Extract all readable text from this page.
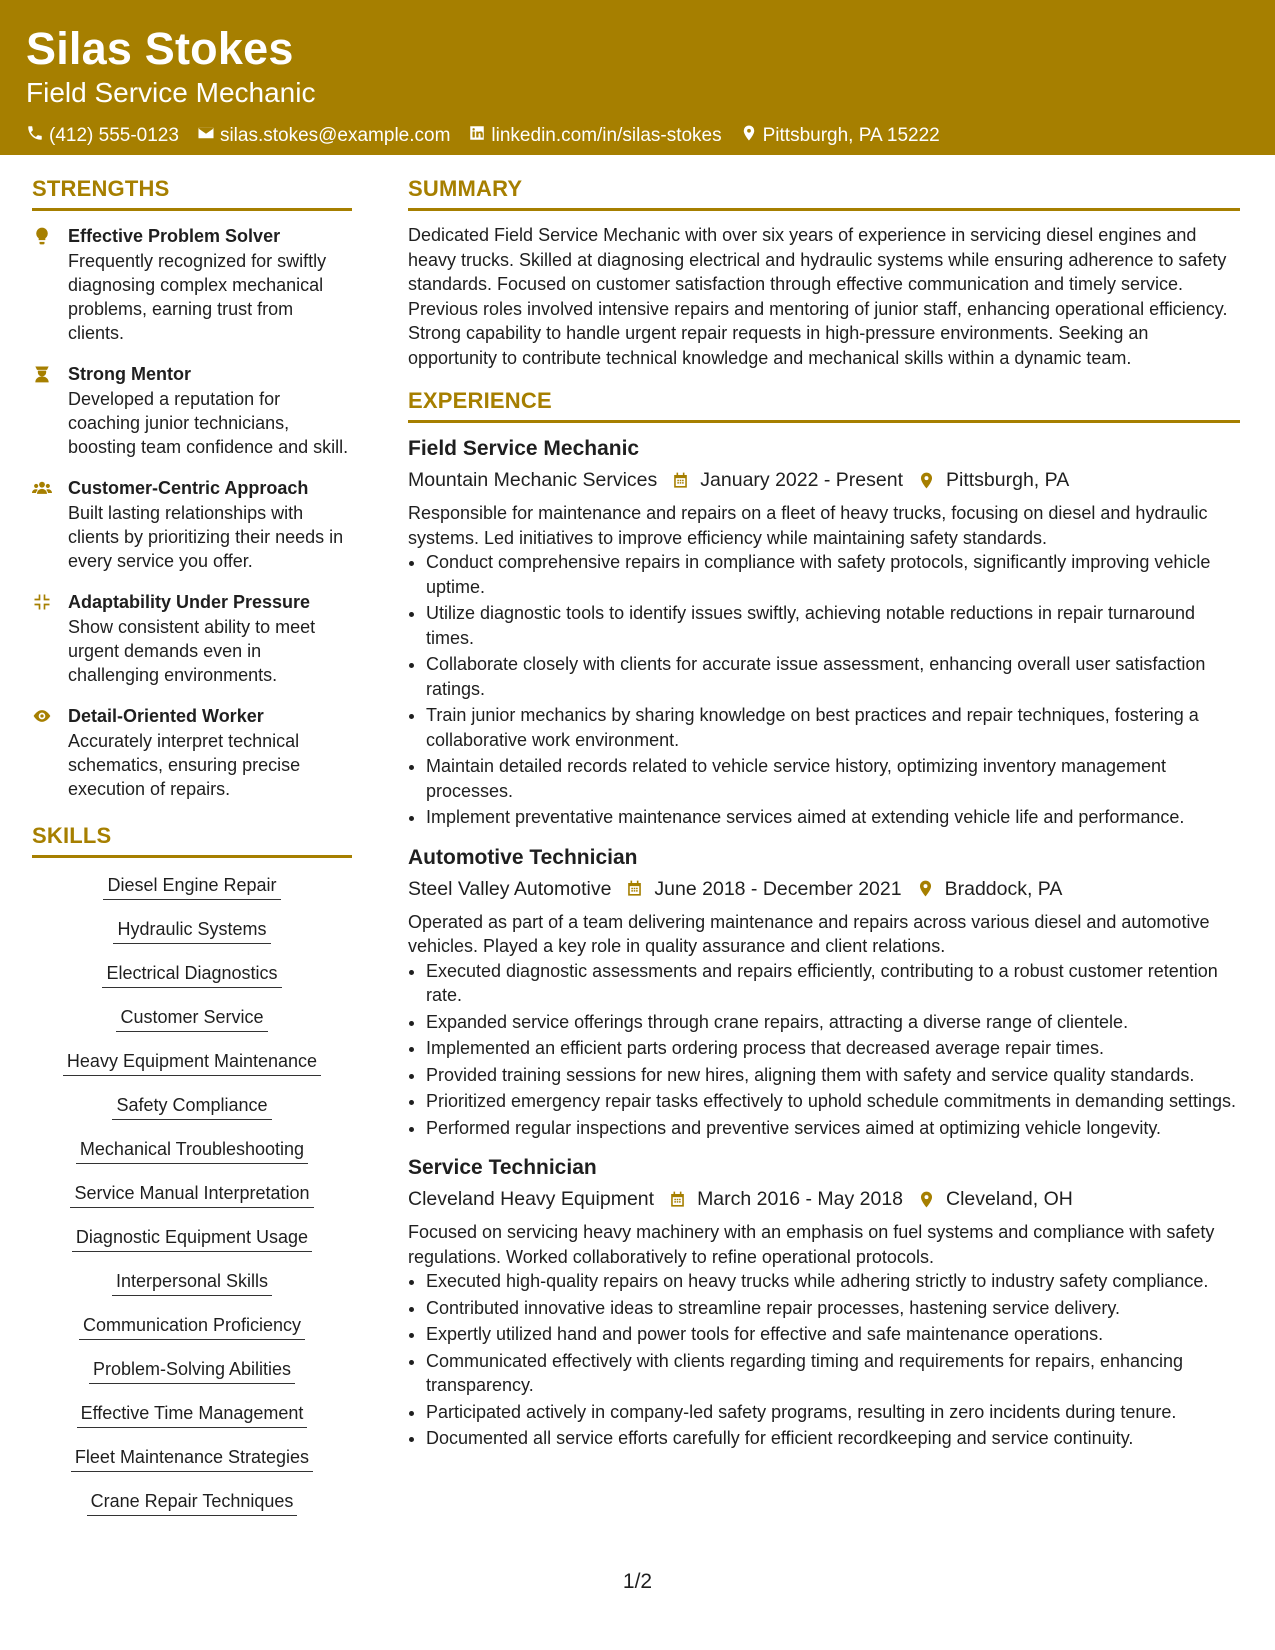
Silas Stokes
Field Service Mechanic
(412) 555-0123 silas.stokes@example.com linkedin.com/in/silas-stokes Pittsburgh, PA 15222
STRENGTHS
Effective Problem Solver
Frequently recognized for swiftly diagnosing complex mechanical problems, earning trust from clients.
Strong Mentor
Developed a reputation for coaching junior technicians, boosting team confidence and skill.
Customer-Centric Approach
Built lasting relationships with clients by prioritizing their needs in every service you offer.
Adaptability Under Pressure
Show consistent ability to meet urgent demands even in challenging environments.
Detail-Oriented Worker
Accurately interpret technical schematics, ensuring precise execution of repairs.
SKILLS
Diesel Engine Repair
Hydraulic Systems
Electrical Diagnostics
Customer Service
Heavy Equipment Maintenance
Safety Compliance
Mechanical Troubleshooting
Service Manual Interpretation
Diagnostic Equipment Usage
Interpersonal Skills
Communication Proficiency
Problem-Solving Abilities
Effective Time Management
Fleet Maintenance Strategies
Crane Repair Techniques
SUMMARY
Dedicated Field Service Mechanic with over six years of experience in servicing diesel engines and heavy trucks. Skilled at diagnosing electrical and hydraulic systems while ensuring adherence to safety standards. Focused on customer satisfaction through effective communication and timely service. Previous roles involved intensive repairs and mentoring of junior staff, enhancing operational efficiency. Strong capability to handle urgent repair requests in high-pressure environments. Seeking an opportunity to contribute technical knowledge and mechanical skills within a dynamic team.
EXPERIENCE
Field Service Mechanic
Mountain Mechanic Services January 2022 - Present Pittsburgh, PA
Responsible for maintenance and repairs on a fleet of heavy trucks, focusing on diesel and hydraulic systems. Led initiatives to improve efficiency while maintaining safety standards.
• Conduct comprehensive repairs in compliance with safety protocols, significantly improving vehicle uptime.
• Utilize diagnostic tools to identify issues swiftly, achieving notable reductions in repair turnaround times.
• Collaborate closely with clients for accurate issue assessment, enhancing overall user satisfaction ratings.
• Train junior mechanics by sharing knowledge on best practices and repair techniques, fostering a collaborative work environment.
• Maintain detailed records related to vehicle service history, optimizing inventory management processes.
• Implement preventative maintenance services aimed at extending vehicle life and performance.
Automotive Technician
Steel Valley Automotive June 2018 - December 2021 Braddock, PA
Operated as part of a team delivering maintenance and repairs across various diesel and automotive vehicles. Played a key role in quality assurance and client relations.
• Executed diagnostic assessments and repairs efficiently, contributing to a robust customer retention rate.
• Expanded service offerings through crane repairs, attracting a diverse range of clientele.
• Implemented an efficient parts ordering process that decreased average repair times.
• Provided training sessions for new hires, aligning them with safety and service quality standards.
• Prioritized emergency repair tasks effectively to uphold schedule commitments in demanding settings.
• Performed regular inspections and preventive services aimed at optimizing vehicle longevity.
Service Technician
Cleveland Heavy Equipment March 2016 - May 2018 Cleveland, OH
Focused on servicing heavy machinery with an emphasis on fuel systems and compliance with safety regulations. Worked collaboratively to refine operational protocols.
• Executed high-quality repairs on heavy trucks while adhering strictly to industry safety compliance.
• Contributed innovative ideas to streamline repair processes, hastening service delivery.
• Expertly utilized hand and power tools for effective and safe maintenance operations.
• Communicated effectively with clients regarding timing and requirements for repairs, enhancing transparency.
• Participated actively in company-led safety programs, resulting in zero incidents during tenure.
• Documented all service efforts carefully for efficient recordkeeping and service continuity.
1/2
